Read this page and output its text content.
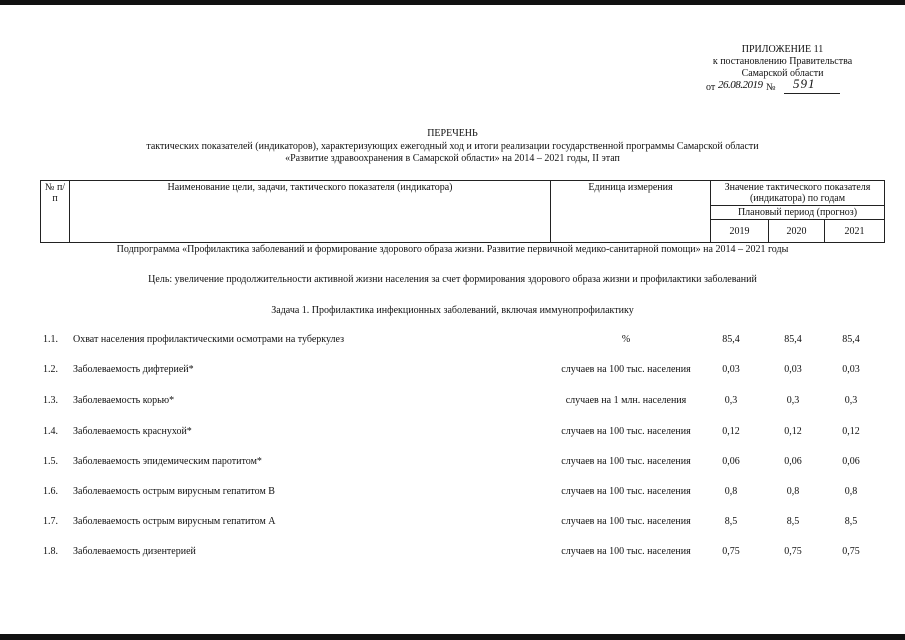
ПРИЛОЖЕНИЕ 11
к постановлению Правительства
Самарской области
от 26.08.2019 № 591
ПЕРЕЧЕНЬ
тактических показателей (индикаторов), характеризующих ежегодный ход и итоги реализации государственной программы Самарской области
«Развитие здравоохранения в Самарской области» на 2014 – 2021 годы, II этап
№ п/п	Наименование цели, задачи, тактического показателя (индикатора)	Единица измерения	Значение тактического показателя
(индикатора) по годам		

			Плановый период (прогноз)		
			2019	2020	2021
Подпрограмма «Профилактика заболеваний и формирование здорового образа жизни. Развитие первичной медико-санитарной помощи» на 2014 – 2021 годы
Цель: увеличение продолжительности активной жизни населения за счет формирования здорового образа жизни и профилактики заболеваний
Задача 1. Профилактика инфекционных заболеваний, включая иммунопрофилактику
1.1. Охват населения профилактическими осмотрами на туберкулез	%	85,4	85,4	85,4
1.2. Заболеваемость дифтерией*	случаев на 100 тыс. населения	0,03	0,03	0,03
1.3. Заболеваемость корью*	случаев на 1 млн. населения	0,3	0,3	0,3
1.4. Заболеваемость краснухой*	случаев на 100 тыс. населения	0,12	0,12	0,12
1.5. Заболеваемость эпидемическим паротитом*	случаев на 100 тыс. населения	0,06	0,06	0,06
1.6. Заболеваемость острым вирусным гепатитом В	случаев на 100 тыс. населения	0,8	0,8	0,8
1.7. Заболеваемость острым вирусным гепатитом А	случаев на 100 тыс. населения	8,5	8,5	8,5
1.8. Заболеваемость дизентерией	случаев на 100 тыс. населения	0,75	0,75	0,75
